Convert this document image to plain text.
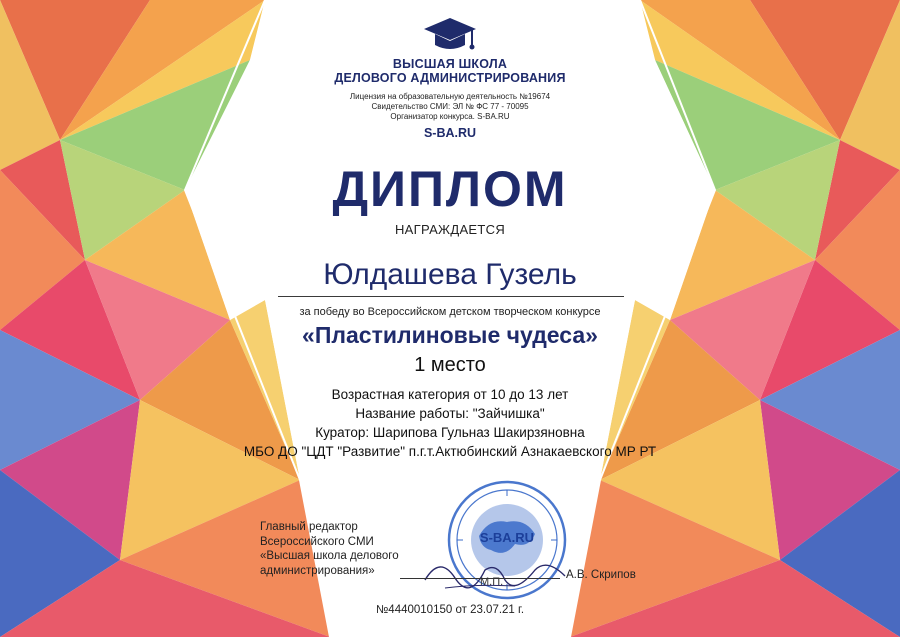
ВЫСШАЯ ШКОЛА
ДЕЛОВОГО АДМИНИСТРИРОВАНИЯ
Лицензия на образовательную деятельность №19674
Свидетельство СМИ: ЭЛ № ФС 77 - 70095
Организатор конкурса. S-BA.RU
S-BA.RU
ДИПЛОМ
НАГРАЖДАЕТСЯ
Юлдашева Гузель
за победу во Всероссийском детском творческом конкурсе
«Пластилиновые чудеса»
1 место
Возрастная категория от 10 до 13 лет
Название работы: "Зайчишка"
Куратор: Шарипова Гульназ Шакирзяновна
МБО ДО "ЦДТ "Развитие" п.г.т.Актюбинский Азнакаевского МР РТ
Главный редактор
Всероссийского СМИ
«Высшая школа делового
администрирования»
S-BA.RU
М.П.
А.В. Скрипов
№4440010150 от 23.07.21 г.
